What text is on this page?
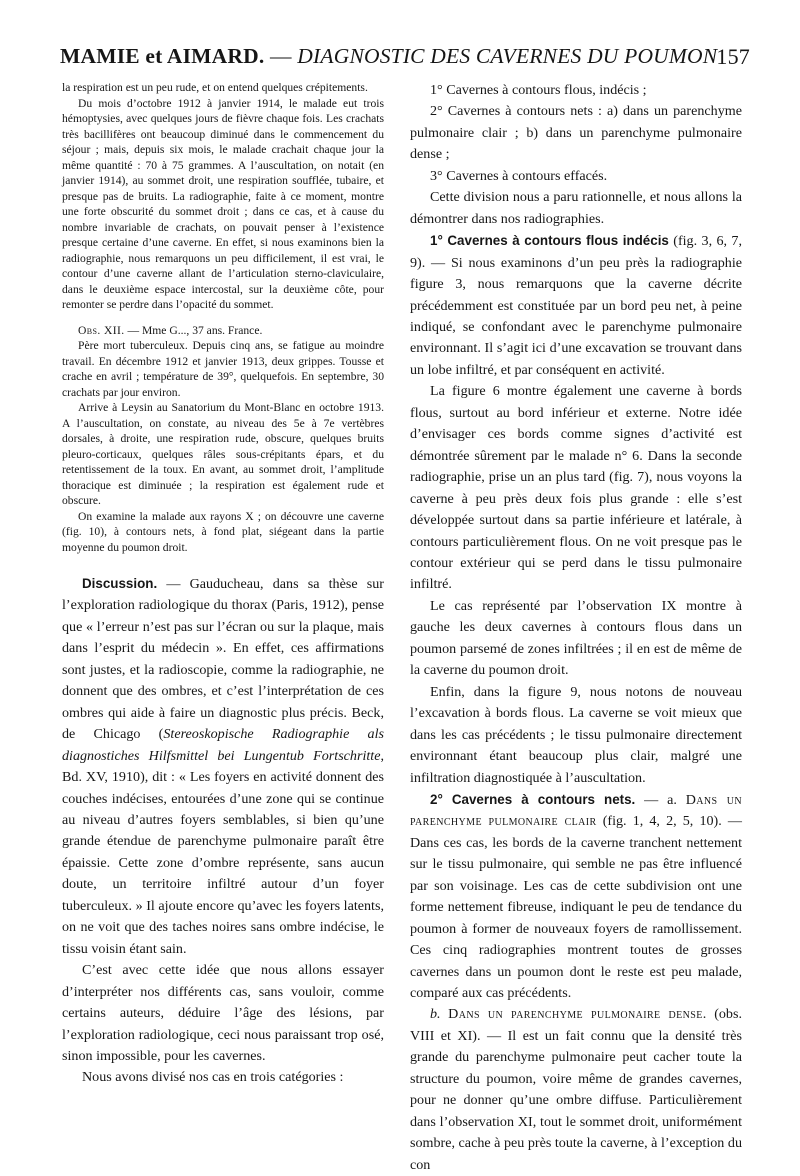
MAMIE et AIMARD. — DIAGNOSTIC DES CAVERNES DU POUMON 157

la respiration est un peu rude, et on entend quelques crépitements.

Du mois d’octobre 1912 à janvier 1914, le malade eut trois hémoptysies, avec quelques jours de fièvre chaque fois. Les crachats très bacillifères ont beaucoup diminué dans le commencement du séjour ; mais, depuis six mois, le malade crachait chaque jour la même quantité : 70 à 75 grammes. A l’auscultation, on notait (en janvier 1914), au sommet droit, une respiration soufflée, tubaire, et presque pas de bruits. La radiographie, faite à ce moment, montre une forte obscurité du sommet droit ; dans ce cas, et à cause du nombre invariable de crachats, on pouvait penser à l’existence presque certaine d’une caverne. En effet, si nous examinons bien la radiographie, nous remarquons un peu difficilement, il est vrai, le contour d’une caverne allant de l’articulation sterno-claviculaire, dans le deuxième espace intercostal, sur la deuxième côte, pour remonter se perdre dans l’opacité du sommet.

Obs. XII. — Mme G..., 37 ans. France.

Père mort tuberculeux. Depuis cinq ans, se fatigue au moindre travail. En décembre 1912 et janvier 1913, deux grippes. Tousse et crache en avril ; température de 39°, quelquefois. En septembre, 30 crachats par jour environ.

Arrive à Leysin au Sanatorium du Mont-Blanc en octobre 1913. A l’auscultation, on constate, au niveau des 5e à 7e vertèbres dorsales, à droite, une respiration rude, obscure, quelques bruits pleuro-corticaux, quelques râles sous-crépitants épars, et du retentissement de la toux. En avant, au sommet droit, l’amplitude thoracique est diminuée ; la respiration est également rude et obscure.

On examine la malade aux rayons X ; on découvre une caverne (fig. 10), à contours nets, à fond plat, siégeant dans la partie moyenne du poumon droit.

Discussion. — Gauducheau, dans sa thèse sur l’exploration radiologique du thorax (Paris, 1912), pense que « l’erreur n’est pas sur l’écran ou sur la plaque, mais dans l’esprit du médecin ». En effet, ces affirmations sont justes, et la radioscopie, comme la radiographie, ne donnent que des ombres, et c’est l’interprétation de ces ombres qui aide à faire un diagnostic plus précis. Beck, de Chicago (Stereoskopische Radiographie als diagnostiches Hilfsmittel bei Lungentub Fortschritte, Bd. XV, 1910), dit : « Les foyers en activité donnent des couches indécises, entourées d’une zone qui se continue au niveau d’autres foyers semblables, si bien qu’une grande étendue de parenchyme pulmonaire paraît être épaissie. Cette zone d’ombre représente, sans aucun doute, un territoire infiltré autour d’un foyer tuberculeux. » Il ajoute encore qu’avec les foyers latents, on ne voit que des taches noires sans ombre indécise, le tissu voisin étant sain.

C’est avec cette idée que nous allons essayer d’interpréter nos différents cas, sans vouloir, comme certains auteurs, déduire l’âge des lésions, par l’exploration radiologique, ceci nous paraissant trop osé, sinon impossible, pour les cavernes.

Nous avons divisé nos cas en trois catégories :

1° Cavernes à contours flous, indécis ;

2° Cavernes à contours nets : a) dans un parenchyme pulmonaire clair ; b) dans un parenchyme pulmonaire dense ;

3° Cavernes à contours effacés.

Cette division nous a paru rationnelle, et nous allons la démontrer dans nos radiographies.

1° Cavernes à contours flous indécis (fig. 3, 6, 7, 9). — Si nous examinons d’un peu près la radiographie figure 3, nous remarquons que la caverne décrite précédemment est constituée par un bord peu net, à peine indiqué, se confondant avec le parenchyme pulmonaire environnant. Il s’agit ici d’une excavation se trouvant dans un lobe infiltré, et par conséquent en activité.

La figure 6 montre également une caverne à bords flous, surtout au bord inférieur et externe. Notre idée d’envisager ces bords comme signes d’activité est démontrée sûrement par le malade n° 6. Dans la seconde radiographie, prise un an plus tard (fig. 7), nous voyons la caverne à peu près deux fois plus grande : elle s’est développée surtout dans sa partie inférieure et latérale, à contours particulièrement flous. On ne voit presque pas le contour extérieur qui se perd dans le tissu pulmonaire infiltré.

Le cas représenté par l’observation IX montre à gauche les deux cavernes à contours flous dans un poumon parsemé de zones infiltrées ; il en est de même de la caverne du poumon droit.

Enfin, dans la figure 9, nous notons de nouveau l’excavation à bords flous. La caverne se voit mieux que dans les cas précédents ; le tissu pulmonaire directement environnant étant beaucoup plus clair, malgré une infiltration diagnostiquée à l’auscultation.

2° Cavernes à contours nets. — a. Dans un parenchyme pulmonaire clair (fig. 1, 4, 2, 5, 10). — Dans ces cas, les bords de la caverne tranchent nettement sur le tissu pulmonaire, qui semble ne pas être influencé par son voisinage. Les cas de cette subdivision ont une forme nettement fibreuse, indiquant le peu de tendance du poumon à former de nouveaux foyers de ramollissement. Ces cinq radiographies montrent toutes de grosses cavernes dans un poumon dont le reste est peu malade, comparé aux cas précédents.

b. Dans un parenchyme pulmonaire dense. (obs. VIII et XI). — Il est un fait connu que la densité très grande du parenchyme pulmonaire peut cacher toute la structure du poumon, voire même de grandes cavernes, pour ne donner qu’une ombre diffuse. Particulièrement dans l’observation XI, tout le sommet droit, uniformément sombre, cache à peu près toute la caverne, à l’exception du con
